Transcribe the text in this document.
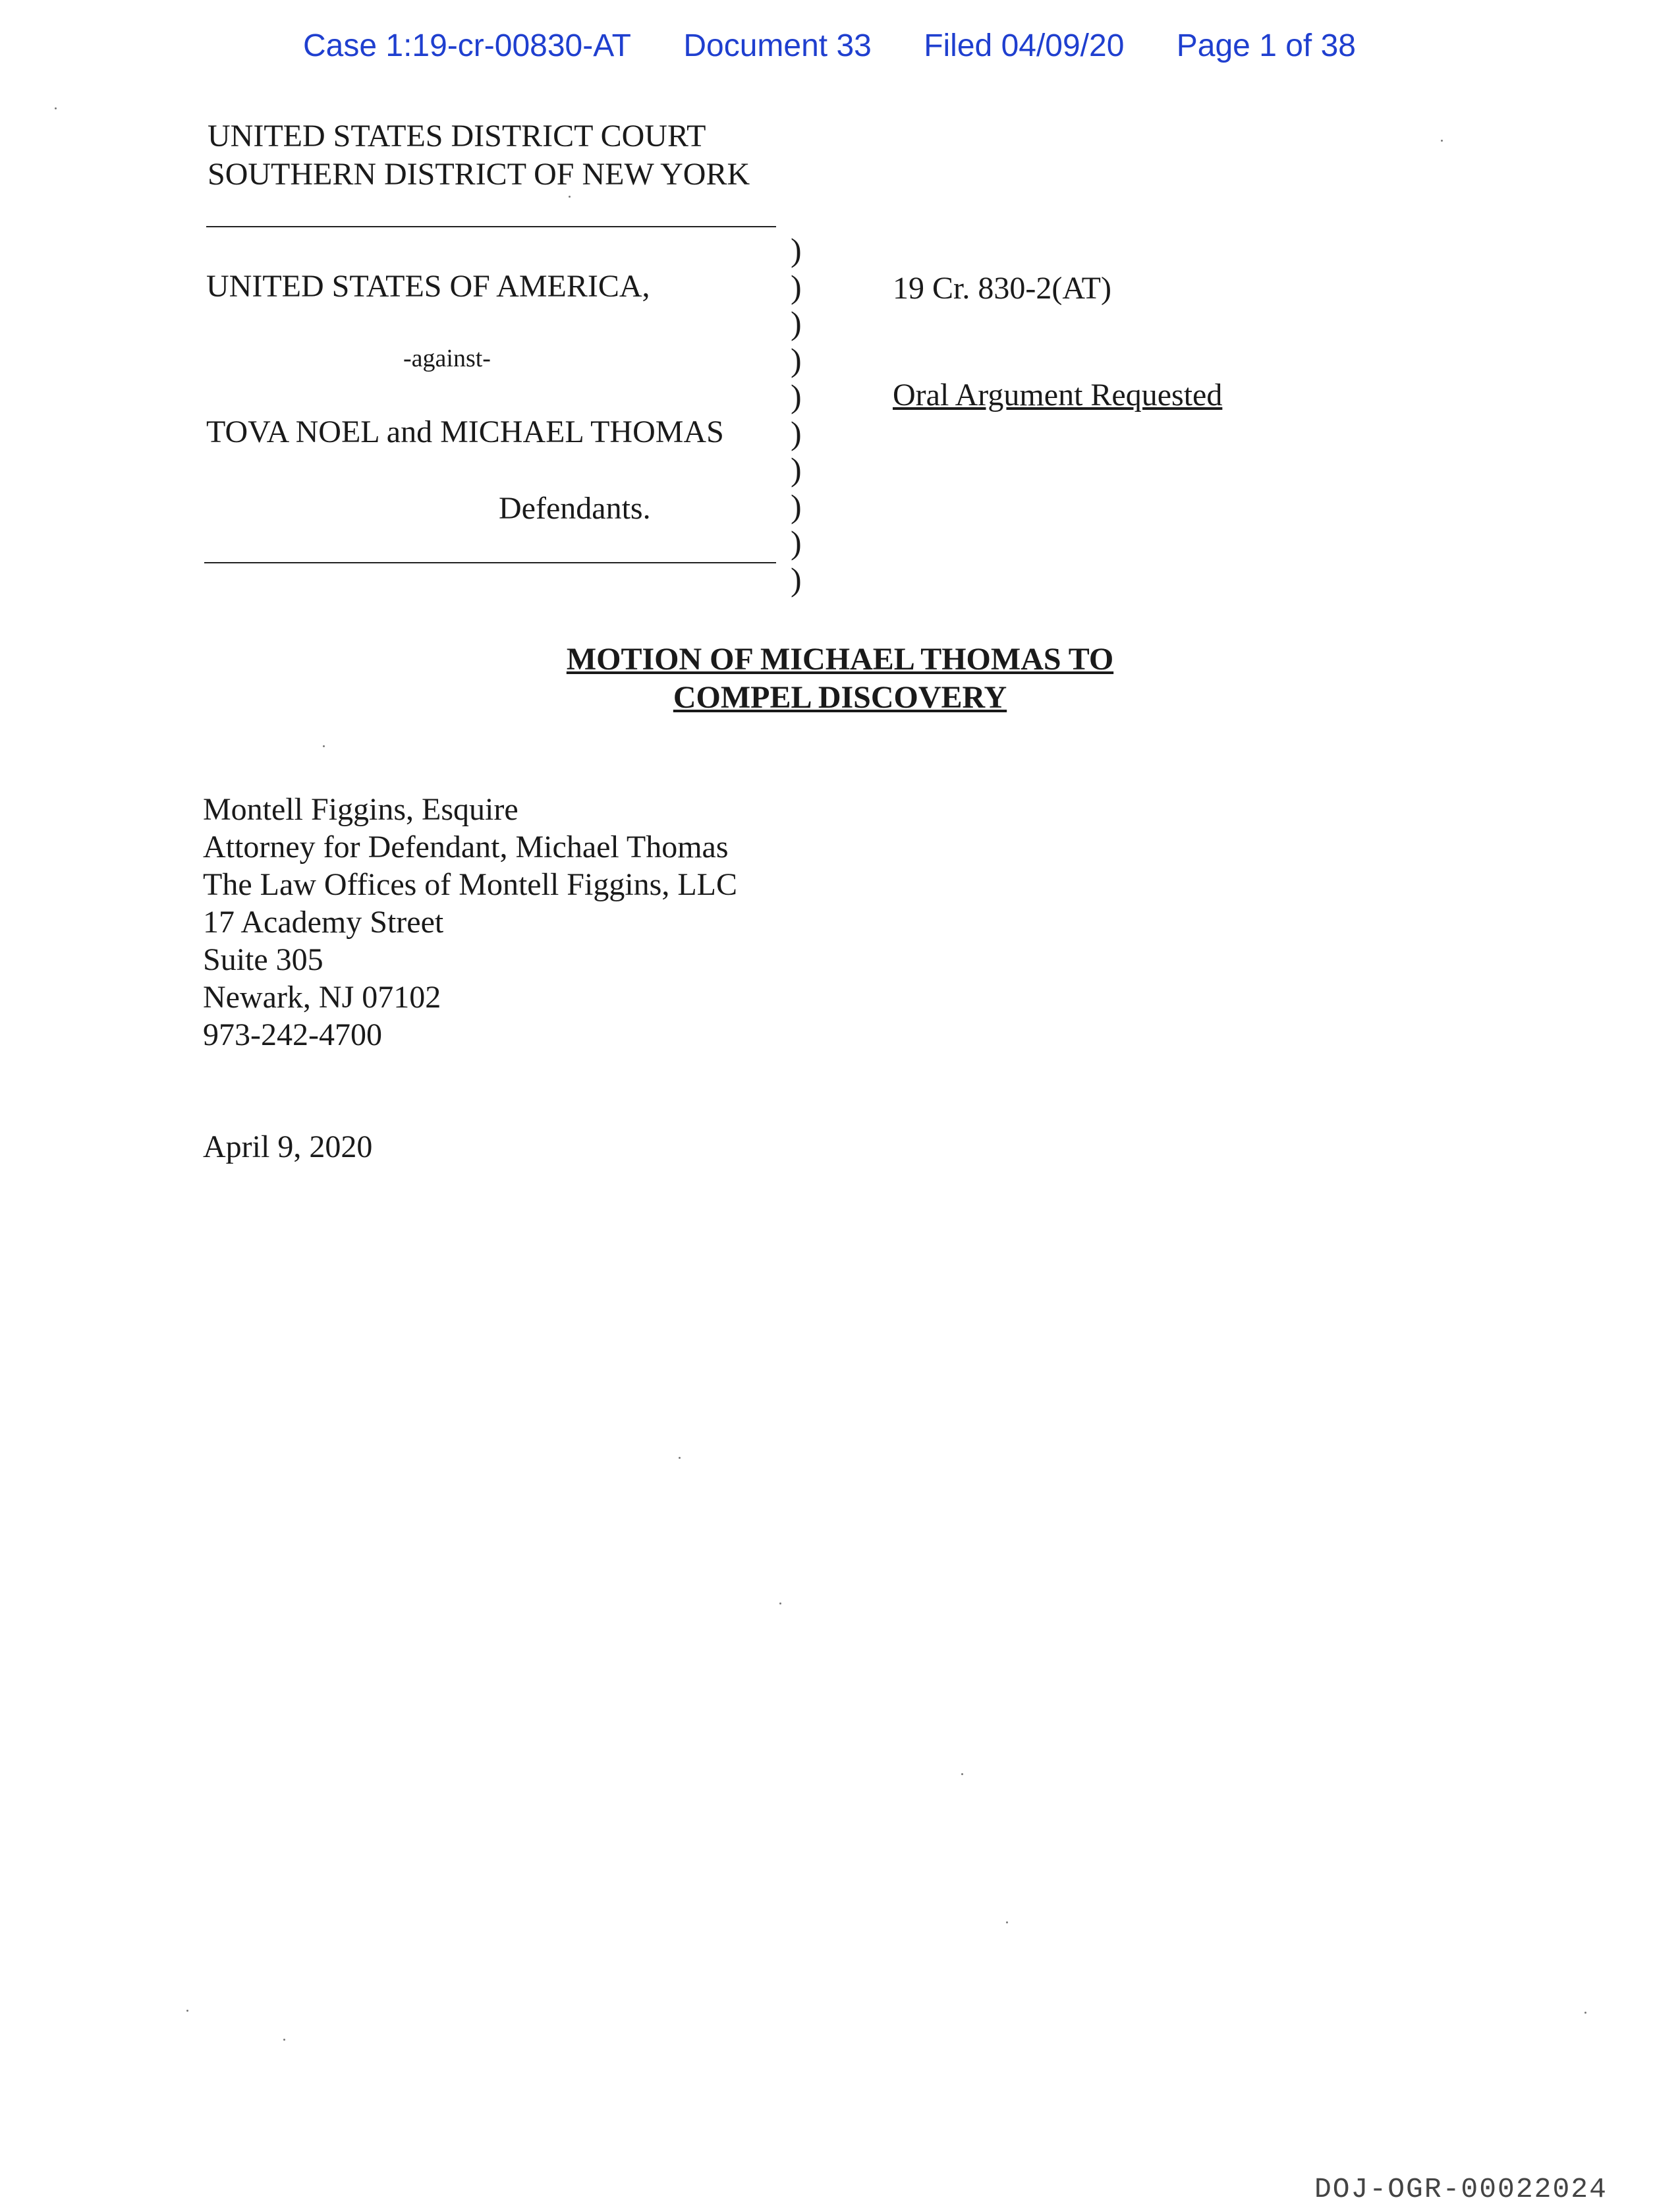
Case 1:19-cr-00830-AT Document 33 Filed 04/09/20 Page 1 of 38
UNITED STATES DISTRICT COURT
SOUTHERN DISTRICT OF NEW YORK
UNITED STATES OF AMERICA,
-against-
TOVA NOEL and MICHAEL THOMAS
Defendants.
)
)
)
)
)
)
)
)
)
)
19 Cr. 830-2(AT)
Oral Argument Requested
MOTION OF MICHAEL THOMAS TO
COMPEL DISCOVERY
Montell Figgins, Esquire
Attorney for Defendant, Michael Thomas
The Law Offices of Montell Figgins, LLC
17 Academy Street
Suite 305
Newark, NJ 07102
973-242-4700
April 9, 2020
DOJ-OGR-00022024
